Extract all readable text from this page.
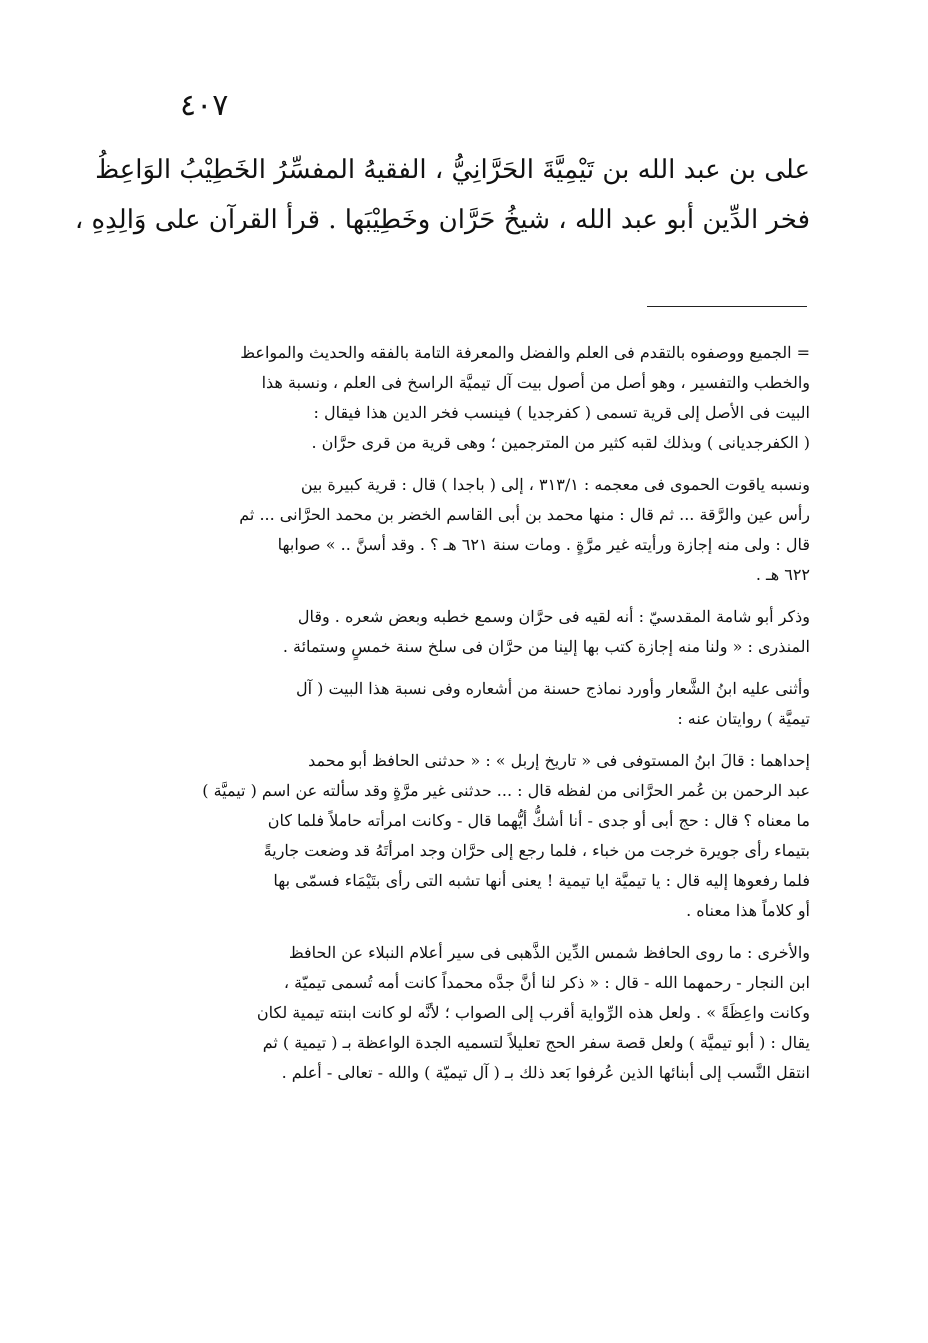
٤٠٧
على بن عبد الله بن تَيْمِيَّةَ الحَرَّانِيُّ ، الفقيهُ المفسِّرُ الخَطِيْبُ الوَاعِظُ
فخر الدِّين أبو عبد الله ، شيخُ حَرَّان وخَطِيْبَها . قرأ القرآن على وَالِدِهِ ،
= الجميع ووصفوه بالتقدم فى العلم والفضل والمعرفة التامة بالفقه والحديث والمواعظ
والخطب والتفسير ، وهو أصل من أصول بيت آل تيميَّة الراسخ فى العلم ، ونسبة هذا
البيت فى الأصل إلى قرية تسمى ( كفرجديا ) فينسب فخر الدين هذا فيقال :
( الكفرجديانى ) وبذلك لقبه كثير من المترجمين ؛ وهى قرية من قرى حرَّان .
ونسبه ياقوت الحموى فى معجمه : ٣١٣/١ ، إلى ( باجدا ) قال : قرية كبيرة بين
رأس عين والرَّقة ... ثم قال : منها محمد بن أبى القاسم الخضر بن محمد الحرَّانى ... ثم
قال : ولى منه إجازة ورأيته غير مرَّةٍ . ومات سنة ٦٢١ هـ ؟ . وقد أسنَّ .. » صوابها
٦٢٢ هـ .
وذكر أبو شامة المقدسيّ : أنه لقيه فى حرَّان وسمع خطبه وبعض شعره . وقال
المنذرى : « ولنا منه إجازة كتب بها إلينا من حرَّان فى سلخ سنة خمسٍ وستمائة .
وأثنى عليه ابنُ الشَّعار وأورد نماذج حسنة من أشعاره وفى نسبة هذا البيت ( آل
تيميَّة ) روايتان عنه :
إحداهما : قالَ ابنُ المستوفى فى « تاريخ إربل » : « حدثنى الحافظ أبو محمد
عبد الرحمن بن عُمر الحرَّانى من لفظه قال : ... حدثنى غير مرَّةٍ وقد سألته عن اسم ( تيميَّة )
ما معناه ؟ قال : حج أبى أو جدى - أنا أشكُّ أيُّهما قال - وكانت امرأته حاملاً فلما كان
بتيماء رأى جويرة خرجت من خباء ، فلما رجع إلى حرَّان وجد امرأتَهُ قد وضعت جاريةً
فلما رفعوها إليه قال : يا تيميَّة ايا تيمية ! يعنى أنها تشبه التى رأى بتَيْمَاء فسمّى بها
أو كلاماً هذا معناه .
والأخرى : ما روى الحافظ شمس الدِّين الذَّهبى فى سير أعلام النبلاء عن الحافظ
ابن النجار - رحمهما الله - قال : « ذكر لنا أنَّ جدَّه محمداً كانت أمه تُسمى تيميّة ،
وكانت واعِظَةً » . ولعل هذه الرِّواية أقرب إلى الصواب ؛ لأنَّه لو كانت ابنته تيمية لكان
يقال : ( أبو تيميَّة ) ولعل قصة سفر الحج تعليلاً لتسميه الجدة الواعظة بـ ( تيمية ) ثم
انتقل النَّسب إلى أبنائها الذين عُرفوا بَعد ذلك بـ ( آل تيميّة ) والله - تعالى - أعلم .
